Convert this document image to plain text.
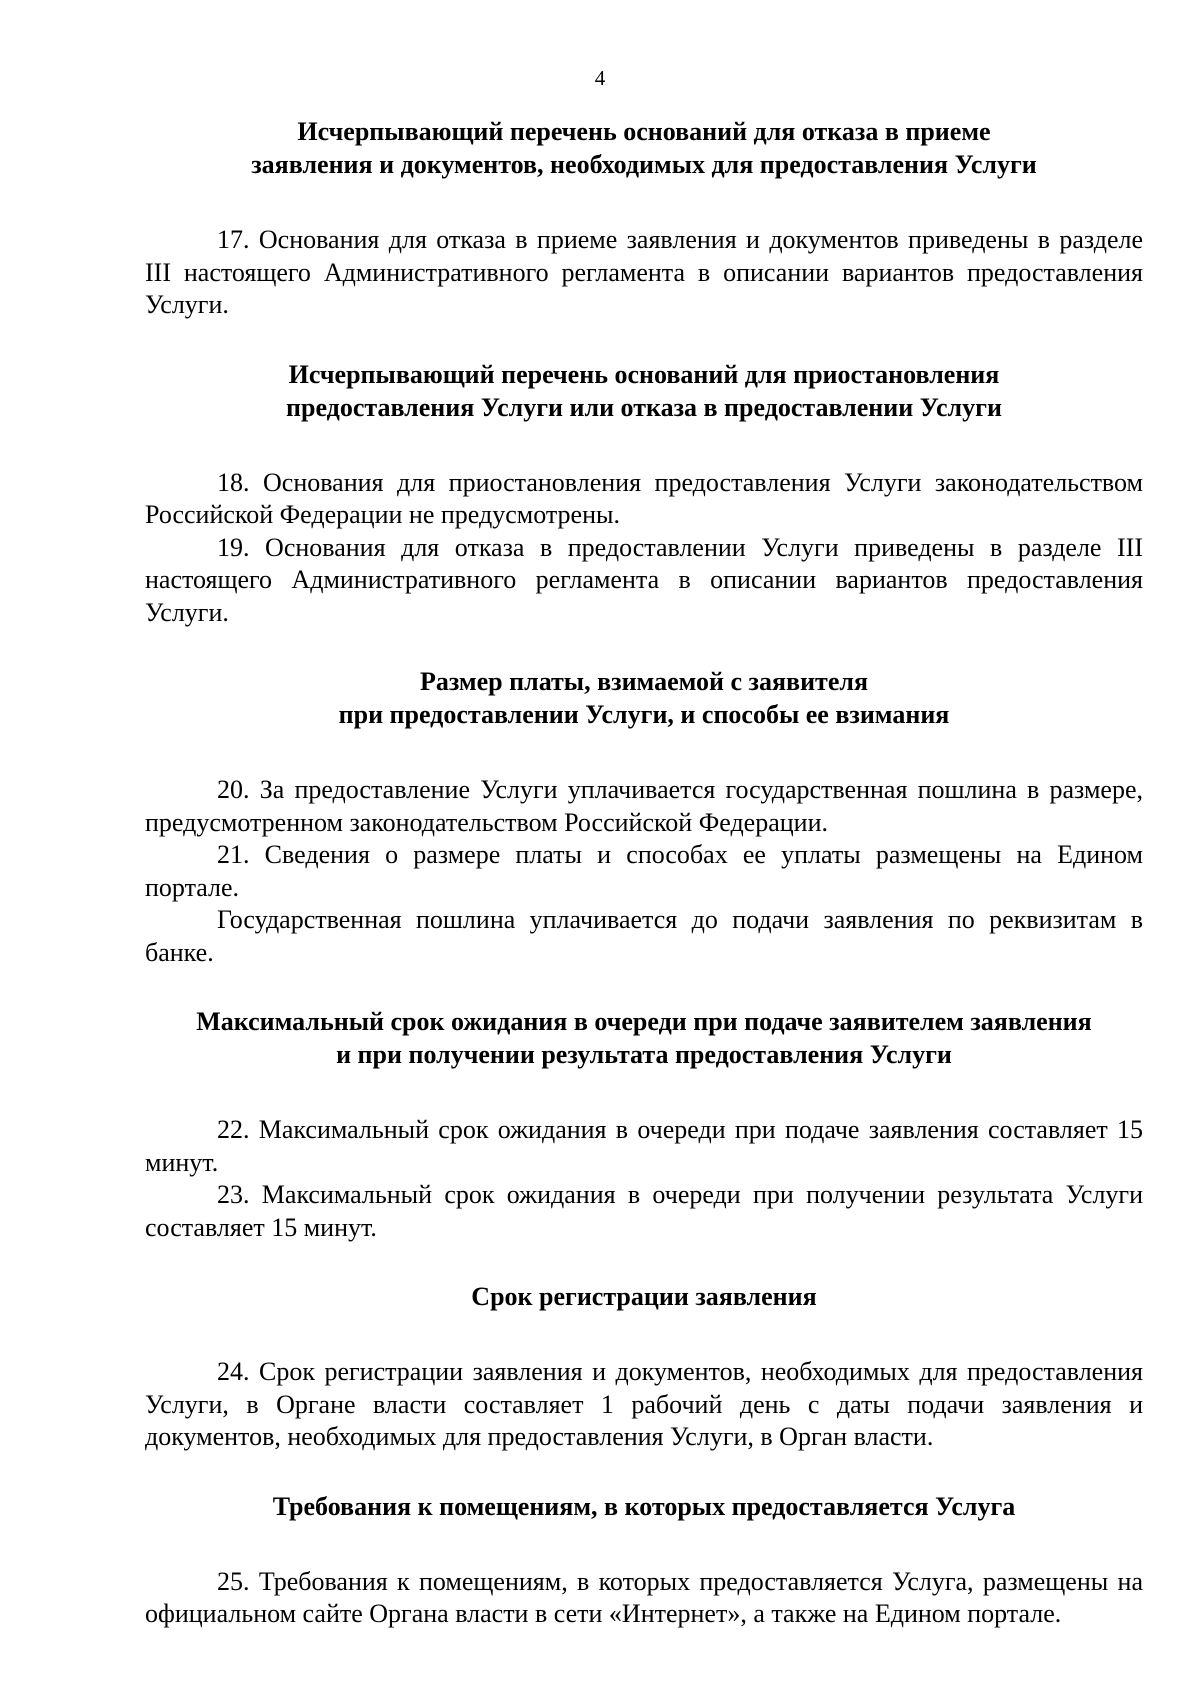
4
Исчерпывающий перечень оснований для отказа в приеме
заявления и документов, необходимых для предоставления Услуги

17. Основания для отказа в приеме заявления и документов приведены в разделе III настоящего Административного регламента в описании вариантов предоставления Услуги.

Исчерпывающий перечень оснований для приостановления
предоставления Услуги или отказа в предоставлении Услуги

18. Основания для приостановления предоставления Услуги законодательством Российской Федерации не предусмотрены.

19. Основания для отказа в предоставлении Услуги приведены в разделе III настоящего Административного регламента в описании вариантов предоставления Услуги.

Размер платы, взимаемой с заявителя
при предоставлении Услуги, и способы ее взимания

20. За предоставление Услуги уплачивается государственная пошлина в размере, предусмотренном законодательством Российской Федерации.

21. Сведения о размере платы и способах ее уплаты размещены на Едином портале.

Государственная пошлина уплачивается до подачи заявления по реквизитам в банке.

Максимальный срок ожидания в очереди при подаче заявителем заявления
и при получении результата предоставления Услуги

22. Максимальный срок ожидания в очереди при подаче заявления составляет 15 минут.

23. Максимальный срок ожидания в очереди при получении результата Услуги составляет 15 минут.

Срок регистрации заявления

24. Срок регистрации заявления и документов, необходимых для предоставления Услуги, в Органе власти составляет 1 рабочий день с даты подачи заявления и документов, необходимых для предоставления Услуги, в Орган власти.

Требования к помещениям, в которых предоставляется Услуга

25. Требования к помещениям, в которых предоставляется Услуга, размещены на официальном сайте Органа власти в сети «Интернет», а также на Едином портале.
